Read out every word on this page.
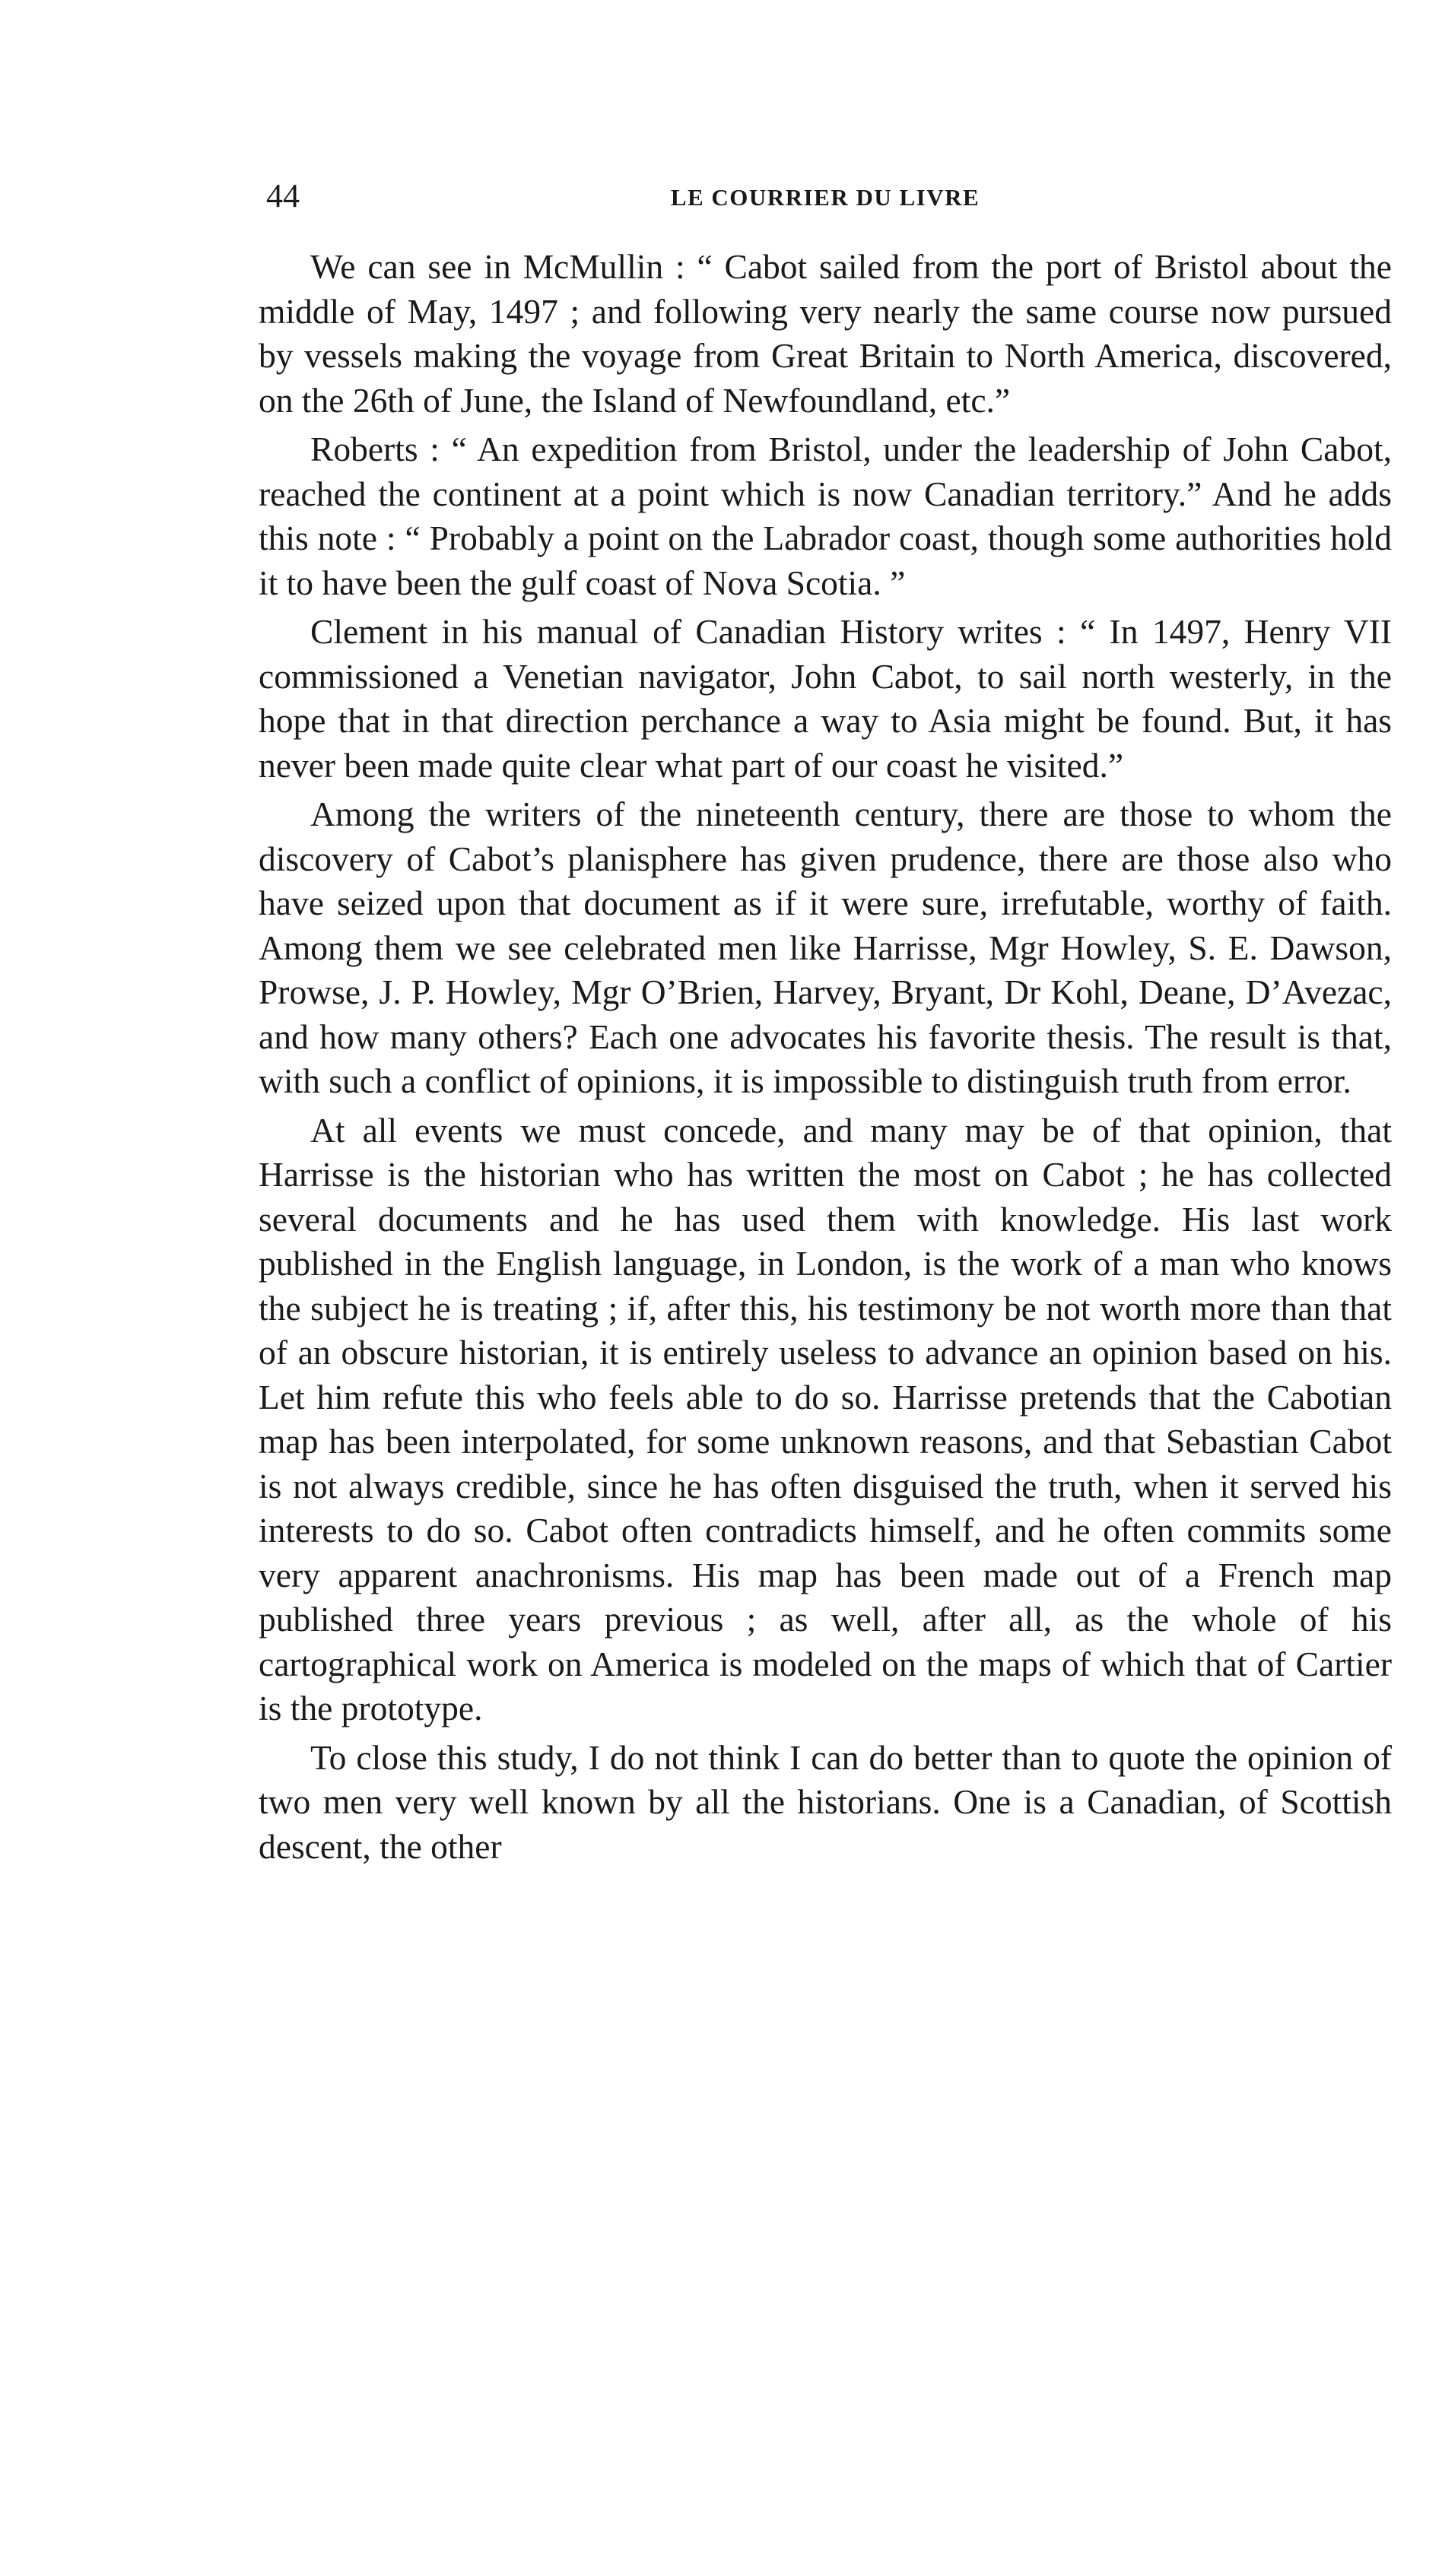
44	LE COURRIER DU LIVRE

We can see in McMullin : “ Cabot sailed from the port of Bristol about the middle of May, 1497 ; and following very nearly the same course now pursued by vessels making the voyage from Great Britain to North America, discovered, on the 26th of June, the Island of Newfoundland, etc.”

Roberts : “ An expedition from Bristol, under the leadership of John Cabot, reached the continent at a point which is now Canadian territory.” And he adds this note : “ Probably a point on the Labrador coast, though some authorities hold it to have been the gulf coast of Nova Scotia. ”

Clement in his manual of Canadian History writes : “ In 1497, Henry VII commissioned a Venetian navigator, John Cabot, to sail north westerly, in the hope that in that direction perchance a way to Asia might be found. But, it has never been made quite clear what part of our coast he visited.”

Among the writers of the nineteenth century, there are those to whom the discovery of Cabot’s planisphere has given prudence, there are those also who have seized upon that document as if it were sure, irrefutable, worthy of faith. Among them we see celebrated men like Harrisse, Mgr Howley, S. E. Dawson, Prowse, J. P. Howley, Mgr O’Brien, Harvey, Bryant, Dr Kohl, Deane, D’Avezac, and how many others? Each one advocates his favorite thesis. The result is that, with such a conflict of opinions, it is impossible to distinguish truth from error.

At all events we must concede, and many may be of that opinion, that Harrisse is the historian who has written the most on Cabot ; he has collected several documents and he has used them with knowledge. His last work published in the English language, in London, is the work of a man who knows the subject he is treating ; if, after this, his testimony be not worth more than that of an obscure historian, it is entirely useless to advance an opinion based on his. Let him refute this who feels able to do so. Harrisse pretends that the Cabotian map has been interpolated, for some unknown reasons, and that Sebastian Cabot is not always credible, since he has often disguised the truth, when it served his interests to do so. Cabot often contradicts himself, and he often commits some very apparent anachronisms. His map has been made out of a French map published three years previous ; as well, after all, as the whole of his cartographical work on America is modeled on the maps of which that of Cartier is the prototype.

To close this study, I do not think I can do better than to quote the opinion of two men very well known by all the historians. One is a Canadian, of Scottish descent, the other
